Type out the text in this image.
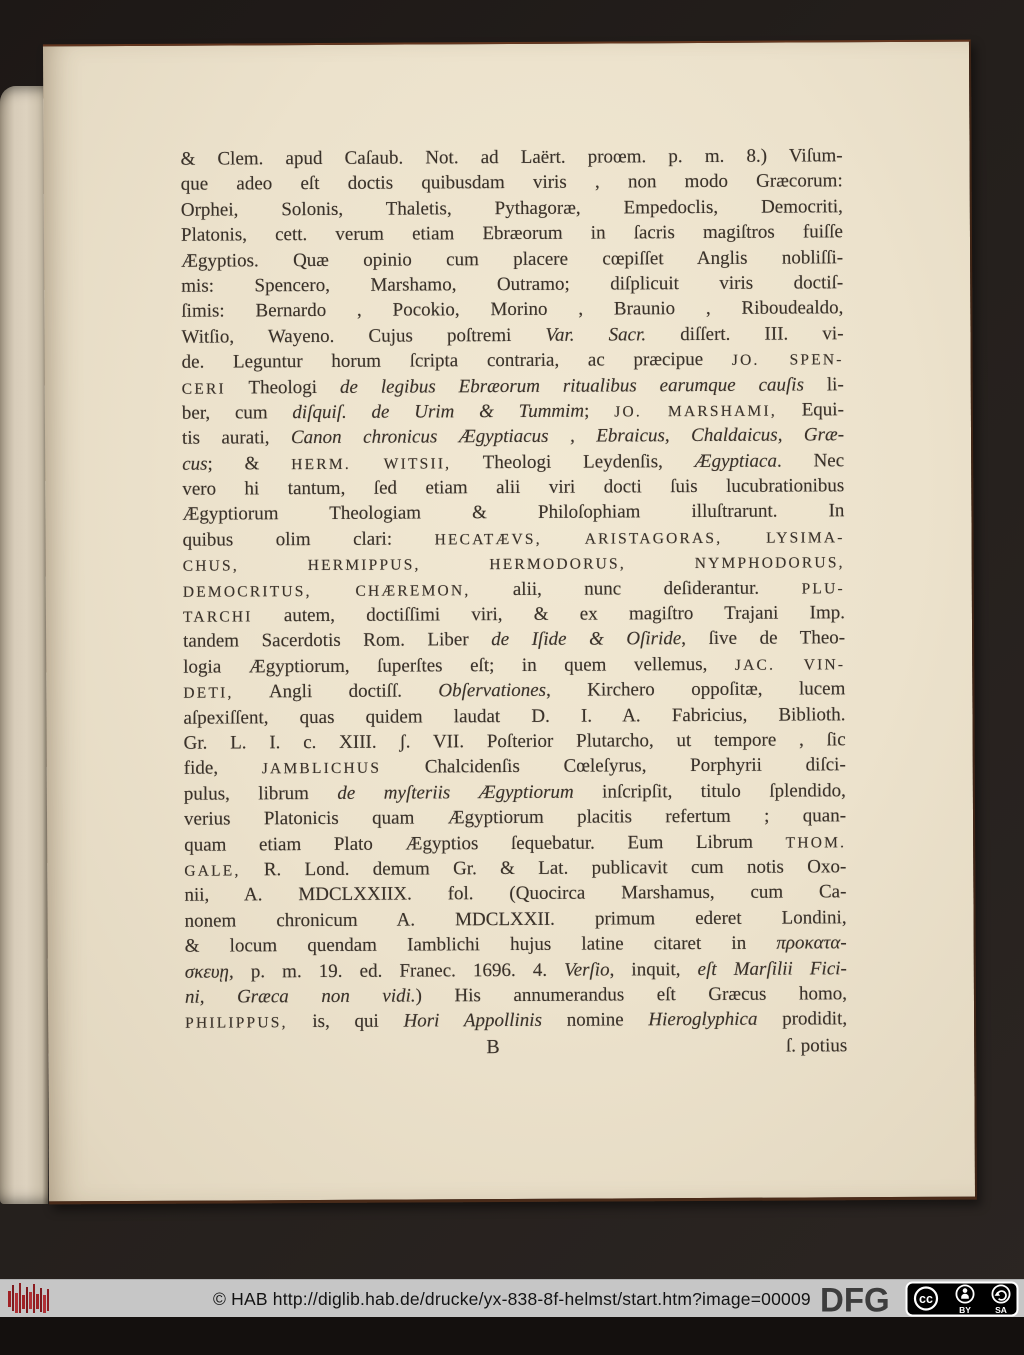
& Clem. apud Caſaub. Not. ad Laërt. proœm. p. m. 8.) Viſum-
que adeo eſt doctis quibusdam viris , non modo Græcorum:
Orphei, Solonis, Thaletis, Pythagoræ, Empedoclis, Democriti,
Platonis, cett. verum etiam Ebræorum in ſacris magiſtros fuiſſe
Ægyptios. Quæ opinio cum placere cœpiſſet Anglis nobliſſi-
mis: Spencero, Marshamo, Outramo; diſplicuit viris doctiſ-
ſimis: Bernardo , Pocokio, Morino , Braunio , Riboudealdo,
Witſio, Wayeno. Cujus poſtremi Var. Sacr. diſſert. III. vi-
de. Leguntur horum ſcripta contraria, ac præcipue JO. SPEN-
CERI Theologi de legibus Ebræorum ritualibus earumque cauſis li-
ber, cum diſquiſ. de Urim & Tummim; JO. MARSHAMI, Equi-
tis aurati, Canon chronicus Ægyptiacus , Ebraicus, Chaldaicus, Græ-
cus; & HERM. WITSII, Theologi Leydenſis, Ægyptiaca. Nec
vero hi tantum, ſed etiam alii viri docti ſuis lucubrationibus
Ægyptiorum Theologiam & Philoſophiam illuſtrarunt. In
quibus olim clari: HECATÆVS, ARISTAGORAS, LYSIMA-
CHUS, HERMIPPUS, HERMODORUS, NYMPHODORUS,
DEMOCRITUS, CHÆREMON, alii, nunc deſiderantur. PLU-
TARCHI autem, doctiſſimi viri, & ex magiſtro Trajani Imp.
tandem Sacerdotis Rom. Liber de Iſide & Oſiride, ſive de Theo-
logia Ægyptiorum, ſuperſtes eſt; in quem vellemus, JAC. VIN-
DETI, Angli doctiſſ. Obſervationes, Kirchero oppoſitæ, lucem
aſpexiſſent, quas quidem laudat D. I. A. Fabricius, Biblioth.
Gr. L. I. c. XIII. ʃ. VII. Poſterior Plutarcho, ut tempore , ſic
fide, JAMBLICHUS Chalcidenſis Cœleſyrus, Porphyrii diſci-
pulus, librum de myſteriis Ægyptiorum inſcripſit, titulo ſplendido,
verius Platonicis quam Ægyptiorum placitis refertum ; quan-
quam etiam Plato Ægyptios ſequebatur. Eum Librum THOM.
GALE, R. Lond. demum Gr. & Lat. publicavit cum notis Oxo-
nii, A. MDCLXXIIX. fol. (Quocirca Marshamus, cum Ca-
nonem chronicum A. MDCLXXII. primum ederet Londini,
& locum quendam Iamblichi hujus latine citaret in προκατα-
σκευῃ, p. m. 19. ed. Franec. 1696. 4. Verſio, inquit, eſt Marſilii Fici-
ni, Græca non vidi.) His annumerandus eſt Græcus homo,
PHILIPPUS, is, qui Hori Appollinis nomine Hieroglyphica prodidit,
B	ſ. potius
© HAB http://diglib.hab.de/drucke/yx-838-8f-helmst/start.htm?image=00009 DFG cc
BY	SA
